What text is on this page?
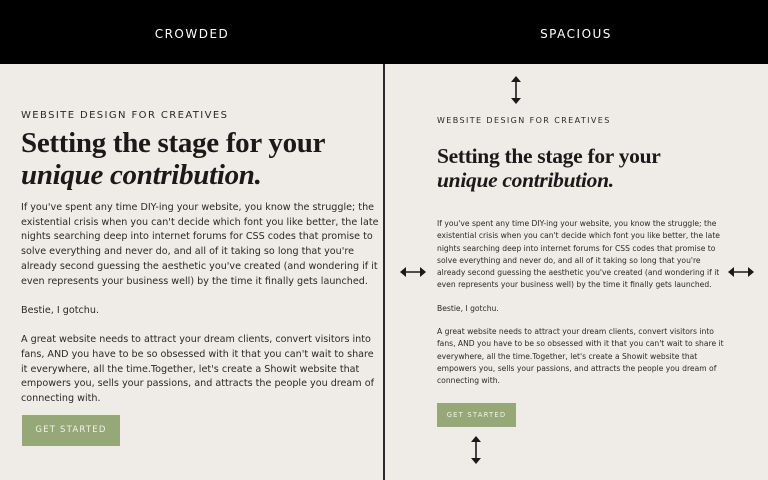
CROWDED	SPACIOUS
WEBSITE DESIGN FOR CREATIVES
Setting the stage for your
unique contribution.

If you've spent any time DIY-ing your website, you know the struggle; the existential crisis when you can't decide which font you like better, the late nights searching deep into internet forums for CSS codes that promise to solve everything and never do, and all of it taking so long that you're already second guessing the aesthetic you've created (and wondering if it even represents your business well) by the time it finally gets launched.

Bestie, I gotchu.

A great website needs to attract your dream clients, convert visitors into fans, AND you have to be so obsessed with it that you can't wait to share it everywhere, all the time.Together, let's create a Showit website that empowers you, sells your passions, and attracts the people you dream of connecting with.

GET STARTED
WEBSITE DESIGN FOR CREATIVES
Setting the stage for your
unique contribution.

If you've spent any time DIY-ing your website, you know the struggle; the existential crisis when you can't decide which font you like better, the late nights searching deep into internet forums for CSS codes that promise to solve everything and never do, and all of it taking so long that you're already second guessing the aesthetic you've created (and wondering if it even represents your business well) by the time it finally gets launched.

Bestie, I gotchu.

A great website needs to attract your dream clients, convert visitors into fans, AND you have to be so obsessed with it that you can't wait to share it everywhere, all the time.Together, let's create a Showit website that empowers you, sells your passions, and attracts the people you dream of connecting with.

GET STARTED
